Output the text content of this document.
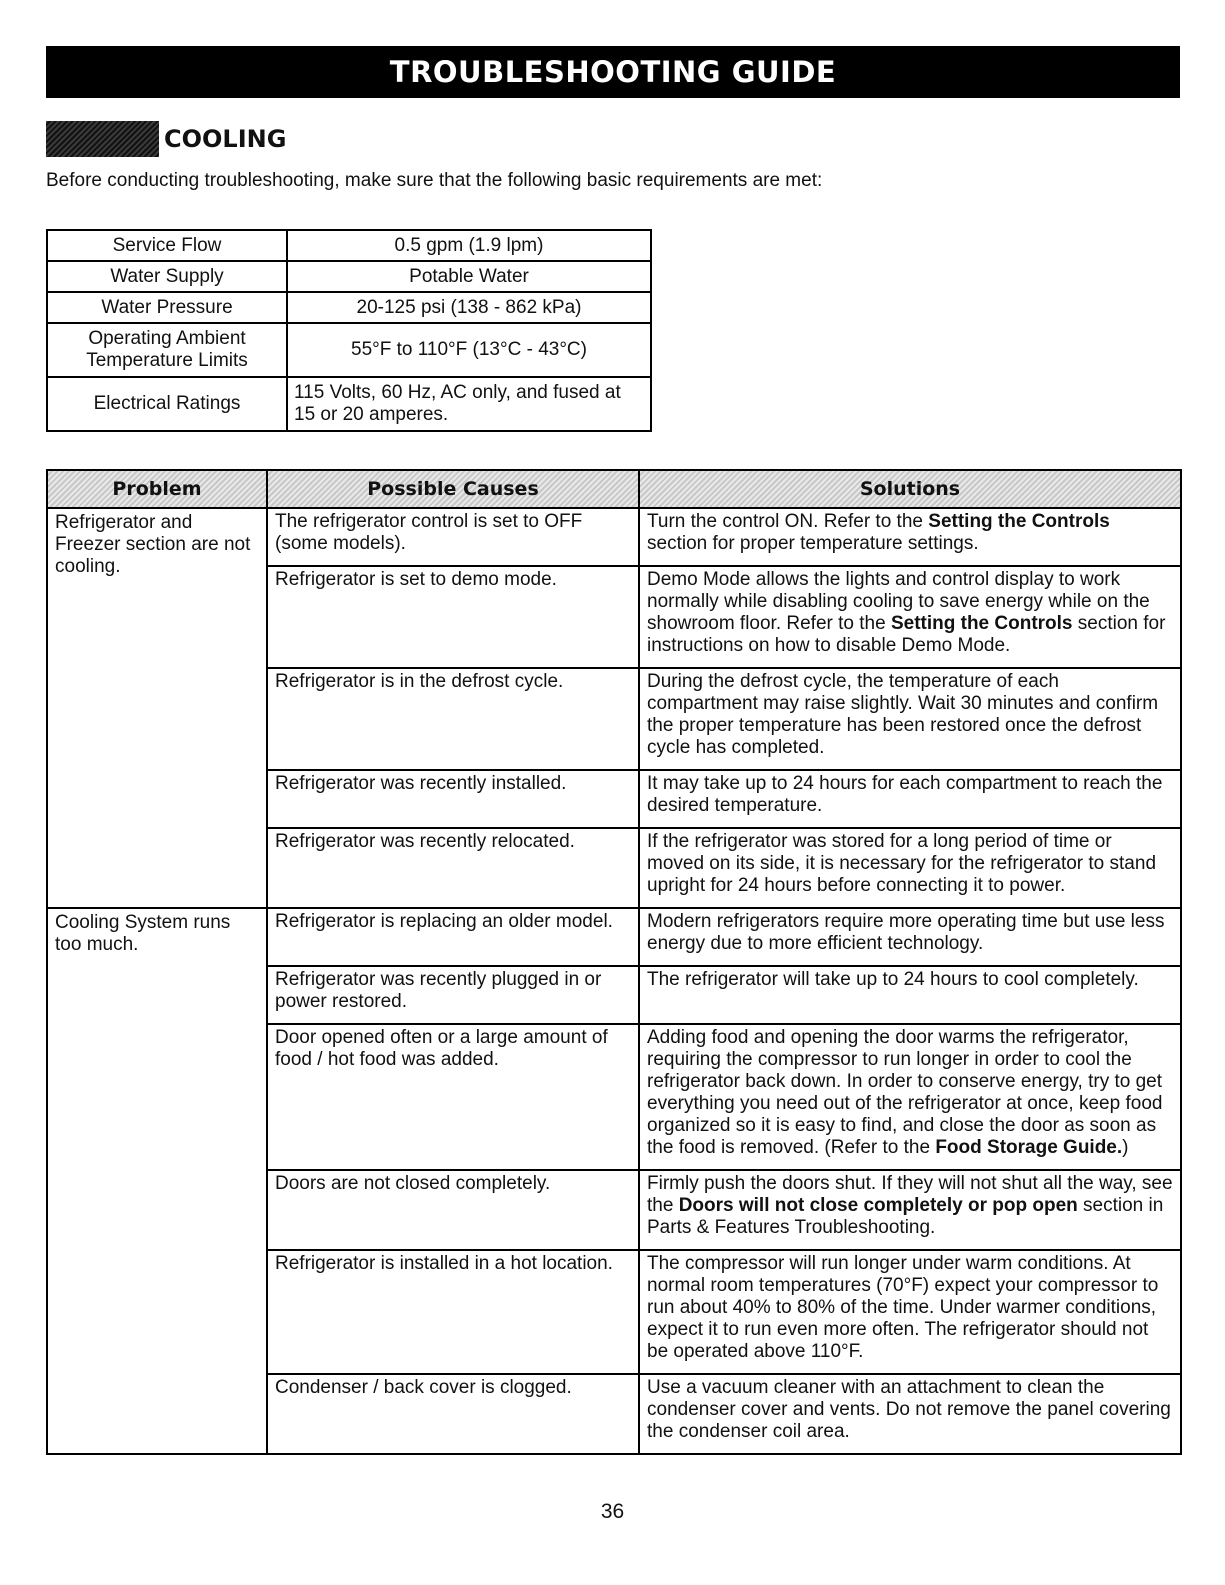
TROUBLESHOOTING GUIDE
COOLING
Before conducting troubleshooting, make sure that the following basic requirements are met:
Service Flow	0.5 gpm (1.9 lpm)
Water Supply	Potable Water
Water Pressure	20-125 psi (138 - 862 kPa)
Operating Ambient Temperature Limits	55°F to 110°F (13°C - 43°C)
Electrical Ratings	115 Volts, 60 Hz, AC only, and fused at 15 or 20 amperes.
Problem	Possible Causes	Solutions
Refrigerator and Freezer section are not cooling.	The refrigerator control is set to OFF (some models).	Turn the control ON. Refer to the Setting the Controls section for proper temperature settings.
	Refrigerator is set to demo mode.	Demo Mode allows the lights and control display to work normally while disabling cooling to save energy while on the showroom floor. Refer to the Setting the Controls section for instructions on how to disable Demo Mode.
	Refrigerator is in the defrost cycle.	During the defrost cycle, the temperature of each compartment may raise slightly. Wait 30 minutes and confirm the proper temperature has been restored once the defrost cycle has completed.
	Refrigerator was recently installed.	It may take up to 24 hours for each compartment to reach the desired temperature.
	Refrigerator was recently relocated.	If the refrigerator was stored for a long period of time or moved on its side, it is necessary for the refrigerator to stand upright for 24 hours before connecting it to power.
Cooling System runs too much.	Refrigerator is replacing an older model.	Modern refrigerators require more operating time but use less energy due to more efficient technology.
	Refrigerator was recently plugged in or power restored.	The refrigerator will take up to 24 hours to cool completely.
	Door opened often or a large amount of food / hot food was added.	Adding food and opening the door warms the refrigerator, requiring the compressor to run longer in order to cool the refrigerator back down. In order to conserve energy, try to get everything you need out of the refrigerator at once, keep food organized so it is easy to find, and close the door as soon as the food is removed. (Refer to the Food Storage Guide.)
	Doors are not closed completely.	Firmly push the doors shut. If they will not shut all the way, see the Doors will not close completely or pop open section in Parts & Features Troubleshooting.
	Refrigerator is installed in a hot location.	The compressor will run longer under warm conditions. At normal room temperatures (70°F) expect your compressor to run about 40% to 80% of the time. Under warmer conditions, expect it to run even more often. The refrigerator should not be operated above 110°F.
	Condenser / back cover is clogged.	Use a vacuum cleaner with an attachment to clean the condenser cover and vents. Do not remove the panel covering the condenser coil area.
36
